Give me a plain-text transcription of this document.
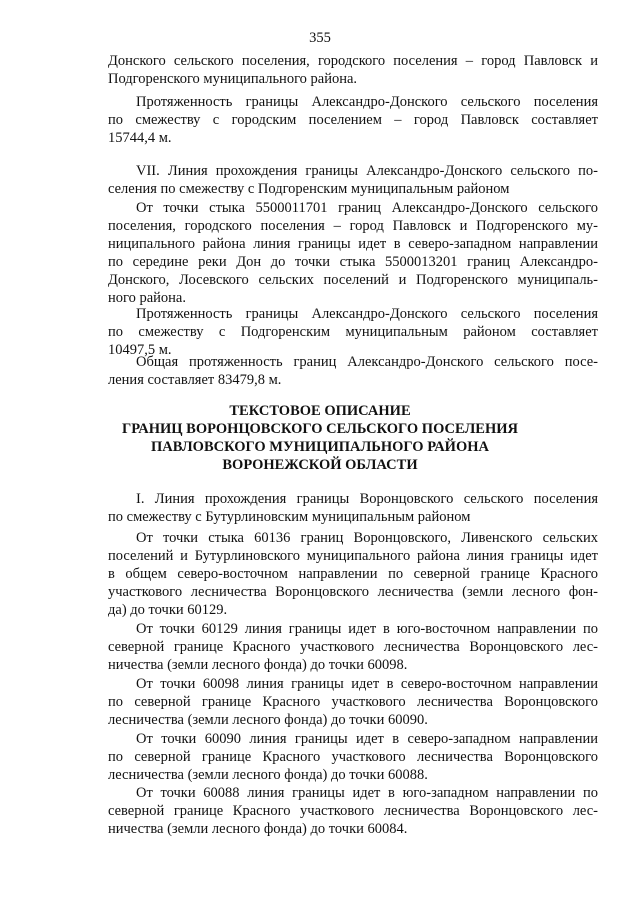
355
Донского сельского поселения, городского поселения – город Павловск и
Подгоренского муниципального района.
Протяженность границы Александро-Донского сельского поселения
по смежеству с городским поселением – город Павловск составляет
15744,4 м.
VII. Линия прохождения границы Александро-Донского сельского по-
селения по смежеству с Подгоренским муниципальным районом
От точки стыка 5500011701 границ Александро-Донского сельского
поселения, городского поселения – город Павловск и Подгоренского му-
ниципального района линия границы идет в северо-западном направлении
по середине реки Дон до точки стыка 5500013201 границ Александро-
Донского, Лосевского сельских поселений и Подгоренского муниципаль-
ного района.
Протяженность границы Александро-Донского сельского поселения
по смежеству с Подгоренским муниципальным районом составляет
10497,5 м.
Общая протяженность границ Александро-Донского сельского посе-
ления составляет 83479,8 м.
ТЕКСТОВОЕ ОПИСАНИЕ
ГРАНИЦ ВОРОНЦОВСКОГО СЕЛЬСКОГО ПОСЕЛЕНИЯ
ПАВЛОВСКОГО МУНИЦИПАЛЬНОГО РАЙОНА
ВОРОНЕЖСКОЙ ОБЛАСТИ
I. Линия прохождения границы Воронцовского сельского поселения
по смежеству с Бутурлиновским муниципальным районом
От точки стыка 60136 границ Воронцовского, Ливенского сельских
поселений и Бутурлиновского муниципального района линия границы идет
в общем северо-восточном направлении по северной границе Красного
участкового лесничества Воронцовского лесничества (земли лесного фон-
да) до точки 60129.
От точки 60129 линия границы идет в юго-восточном направлении по
северной границе Красного участкового лесничества Воронцовского лес-
ничества (земли лесного фонда) до точки 60098.
От точки 60098 линия границы идет в северо-восточном направлении
по северной границе Красного участкового лесничества Воронцовского
лесничества (земли лесного фонда) до точки 60090.
От точки 60090 линия границы идет в северо-западном направлении
по северной границе Красного участкового лесничества Воронцовского
лесничества (земли лесного фонда) до точки 60088.
От точки 60088 линия границы идет в юго-западном направлении по
северной границе Красного участкового лесничества Воронцовского лес-
ничества (земли лесного фонда) до точки 60084.
